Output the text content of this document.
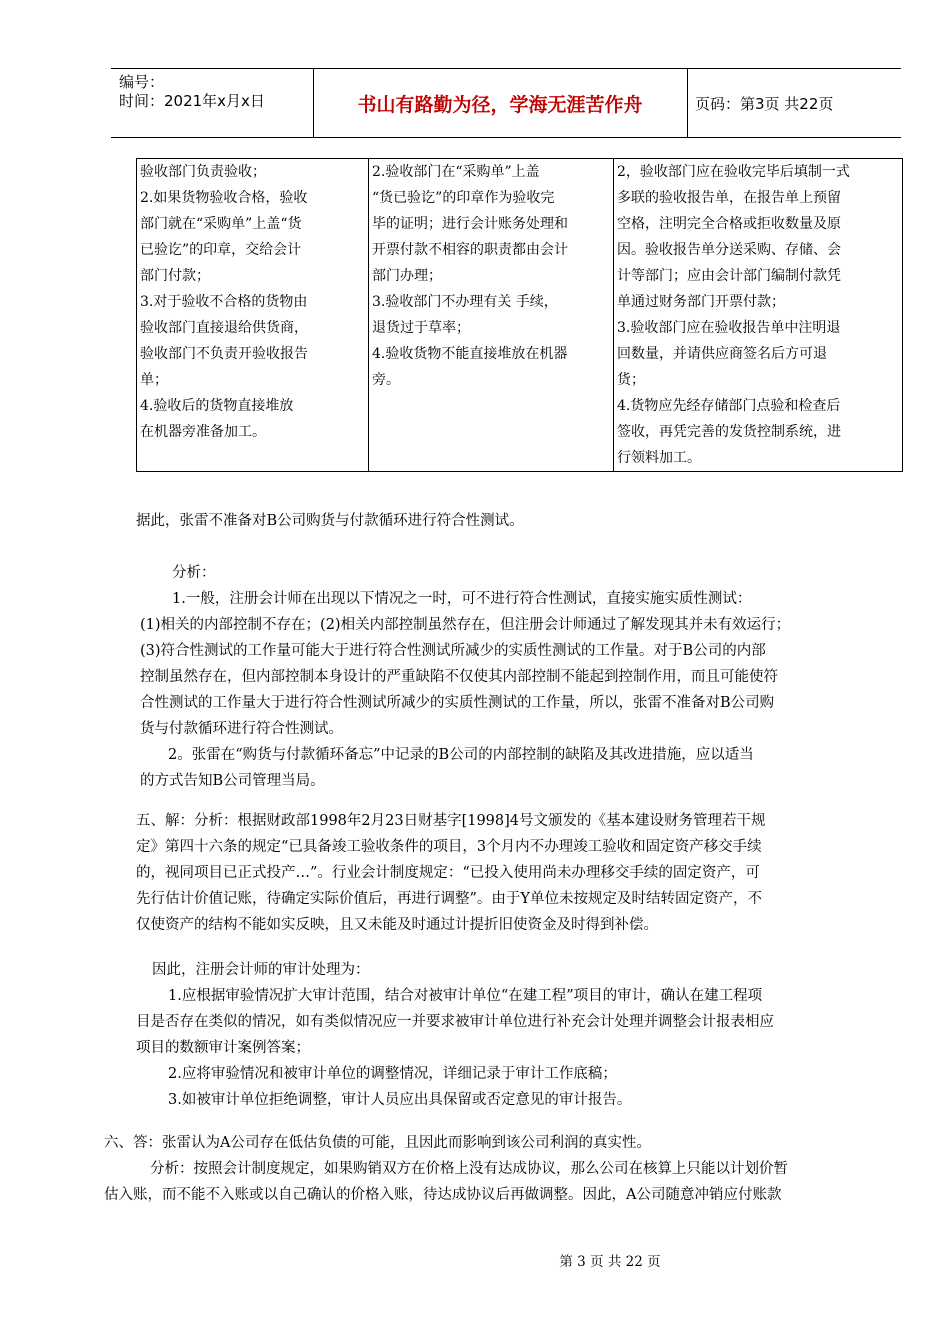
编号：
时间：2021年x月x日	书山有路勤为径，学海无涯苦作舟	页码：第3页 共22页
验收部门负责验收；
2.如果货物验收合格，验收
部门就在“采购单”上盖“货
已验讫”的印章，交给会计
部门付款；
3.对于验收不合格的货物由
验收部门直接退给供货商，
验收部门不负责开验收报告
单；
4.验收后的货物直接堆放
在机器旁准备加工。

2.验收部门在“采购单”上盖
“货已验讫”的印章作为验收完
毕的证明；进行会计账务处理和
开票付款不相容的职责都由会计
部门办理；
3.验收部门不办理有关 手续，
退货过于草率；
4.验收货物不能直接堆放在机器
旁。

2，验收部门应在验收完毕后填制一式
多联的验收报告单，在报告单上预留
空格，注明完全合格或拒收数量及原
因。验收报告单分送采购、存储、会
计等部门；应由会计部门编制付款凭
单通过财务部门开票付款；
3.验收部门应在验收报告单中注明退
回数量，并请供应商签名后方可退
货；
4.货物应先经存储部门点验和检查后
签收，再凭完善的发货控制系统，进
行领料加工。

据此，张雷不准备对B公司购货与付款循环进行符合性测试。

分析：

1.一般，注册会计师在出现以下情况之一时，可不进行符合性测试，直接实施实质性测试：

(1)相关的内部控制不存在；(2)相关内部控制虽然存在，但注册会计师通过了解发现其并未有效运行；

(3)符合性测试的工作量可能大于进行符合性测试所减少的实质性测试的工作量。对于B公司的内部

控制虽然存在，但内部控制本身设计的严重缺陷不仅使其内部控制不能起到控制作用，而且可能使符

合性测试的工作量大于进行符合性测试所减少的实质性测试的工作量，所以，张雷不准备对B公司购

货与付款循环进行符合性测试。

2。张雷在“购货与付款循环备忘”中记录的B公司的内部控制的缺陷及其改进措施，应以适当

的方式告知B公司管理当局。

五、解：分析：根据财政部1998年2月23日财基字[1998]4号文颁发的《基本建设财务管理若干规

定》第四十六条的规定“已具备竣工验收条件的项目，3个月内不办理竣工验收和固定资产移交手续

的，视同项目已正式投产…”。行业会计制度规定：“已投入使用尚未办理移交手续的固定资产，可

先行估计价值记账，待确定实际价值后，再进行调整”。由于Y单位未按规定及时结转固定资产，不

仅使资产的结构不能如实反映，且又未能及时通过计提折旧使资金及时得到补偿。

因此，注册会计师的审计处理为：

1.应根据审验情况扩大审计范围，结合对被审计单位“在建工程”项目的审计，确认在建工程项

目是否存在类似的情况，如有类似情况应一并要求被审计单位进行补充会计处理并调整会计报表相应

项目的数额审计案例答案；

2.应将审验情况和被审计单位的调整情况，详细记录于审计工作底稿；

3.如被审计单位拒绝调整，审计人员应出具保留或否定意见的审计报告。

六、答：张雷认为A公司存在低估负债的可能，且因此而影响到该公司利润的真实性。

分析：按照会计制度规定，如果购销双方在价格上没有达成协议，那么公司在核算上只能以计划价暂

估入账，而不能不入账或以自己确认的价格入账，待达成协议后再做调整。因此，A公司随意冲销应付账款

第 3 页 共 22 页
